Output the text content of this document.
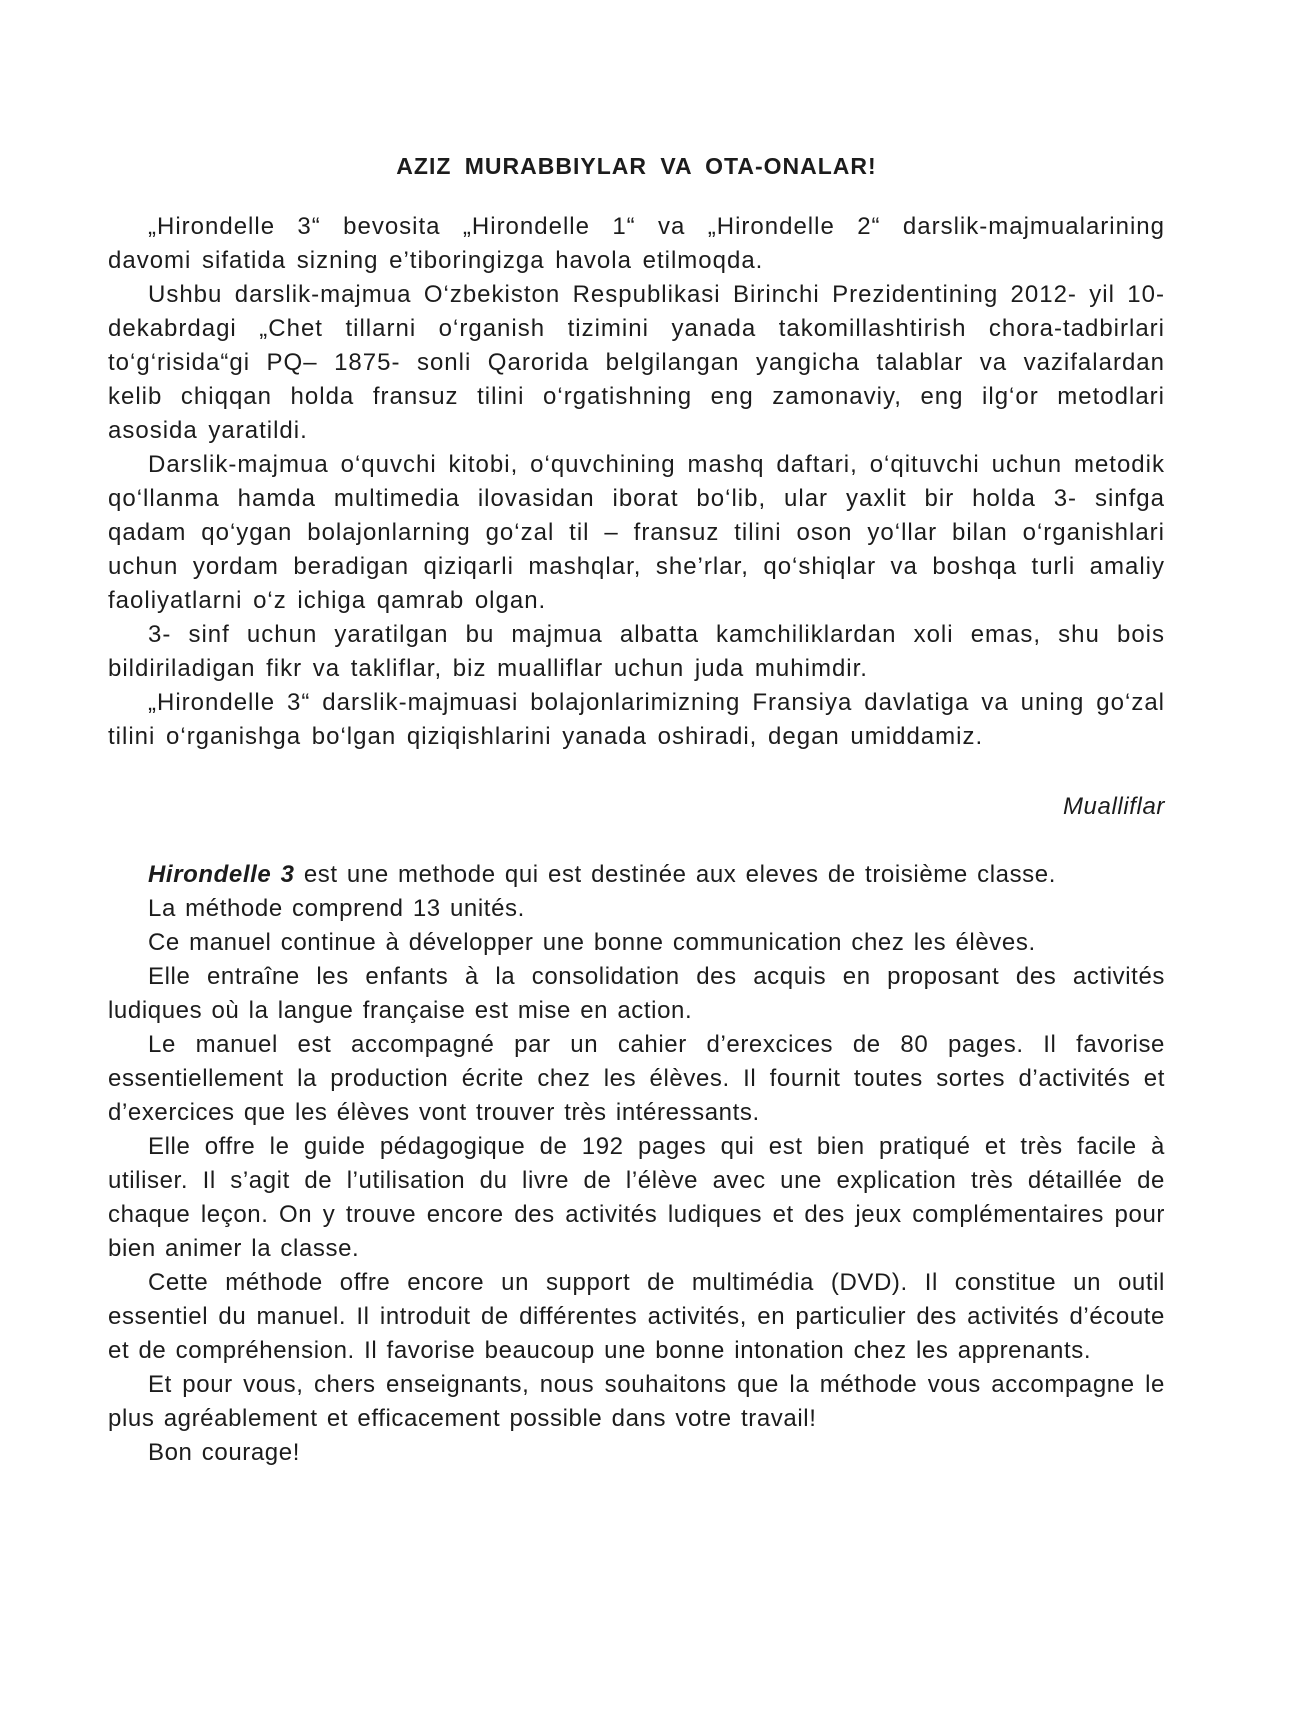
AZIZ MURABBIYLAR VA OTA-ONALAR!

„Hirondelle 3“ bevosita „Hirondelle 1“ va „Hirondelle 2“ darslik-majmualarining davomi sifatida sizning e’tiboringizga havola etilmoqda.

Ushbu darslik-majmua O‘zbekiston Respublikasi Birinchi Prezidentining 2012- yil 10- dekabrdagi „Chet tillarni o‘rganish tizimini yanada takomillashtirish chora-tadbirlari to‘g‘risida“gi PQ– 1875- sonli Qarorida belgilangan yangicha talablar va vazifalardan kelib chiqqan holda fransuz tilini o‘rgatishning eng zamonaviy, eng ilg‘or metodlari asosida yaratildi.

Darslik-majmua o‘quvchi kitobi, o‘quvchining mashq daftari, o‘qituvchi uchun metodik qo‘llanma hamda multimedia ilovasidan iborat bo‘lib, ular yaxlit bir holda 3- sinfga qadam qo‘ygan bolajonlarning go‘zal til – fransuz tilini oson yo‘llar bilan o‘rganishlari uchun yordam beradigan qiziqarli mashqlar, she’rlar, qo‘shiqlar va boshqa turli amaliy faoliyatlarni o‘z ichiga qamrab olgan.

3- sinf uchun yaratilgan bu majmua albatta kamchiliklardan xoli emas, shu bois bildiriladigan fikr va takliflar, biz mualliflar uchun juda muhimdir.

„Hirondelle 3“ darslik-majmuasi bolajonlarimizning Fransiya davlatiga va uning go‘zal tilini o‘rganishga bo‘lgan qiziqishlarini yanada oshiradi, degan umiddamiz.

Mualliflar

Hirondelle 3 est une methode qui est destinée aux eleves de troisième classe.

La méthode comprend 13 unités.

Ce manuel continue à développer une bonne communication chez les élèves.

Elle entraîne les enfants à la consolidation des acquis en proposant des activités ludiques où la langue française est mise en action.

Le manuel est accompagné par un cahier d’erexcices de 80 pages. Il favorise essentiellement la production écrite chez les élèves. Il fournit toutes sortes d’activités et d’exercices que les élèves vont trouver très intéressants.

Elle offre le guide pédagogique de 192 pages qui est bien pratiqué et très facile à utiliser. Il s’agit de l’utilisation du livre de l’élève avec une explication très détaillée de chaque leçon. On y trouve encore des activités ludiques et des jeux complémentaires pour bien animer la classe.

Cette méthode offre encore un support de multimédia (DVD). Il constitue un outil essentiel du manuel. Il introduit de différentes activités, en particulier des activités d’écoute et de compréhension. Il favorise beaucoup une bonne intonation chez les apprenants.

Et pour vous, chers enseignants, nous souhaitons que la méthode vous accompagne le plus agréablement et efficacement possible dans votre travail!

Bon courage!
